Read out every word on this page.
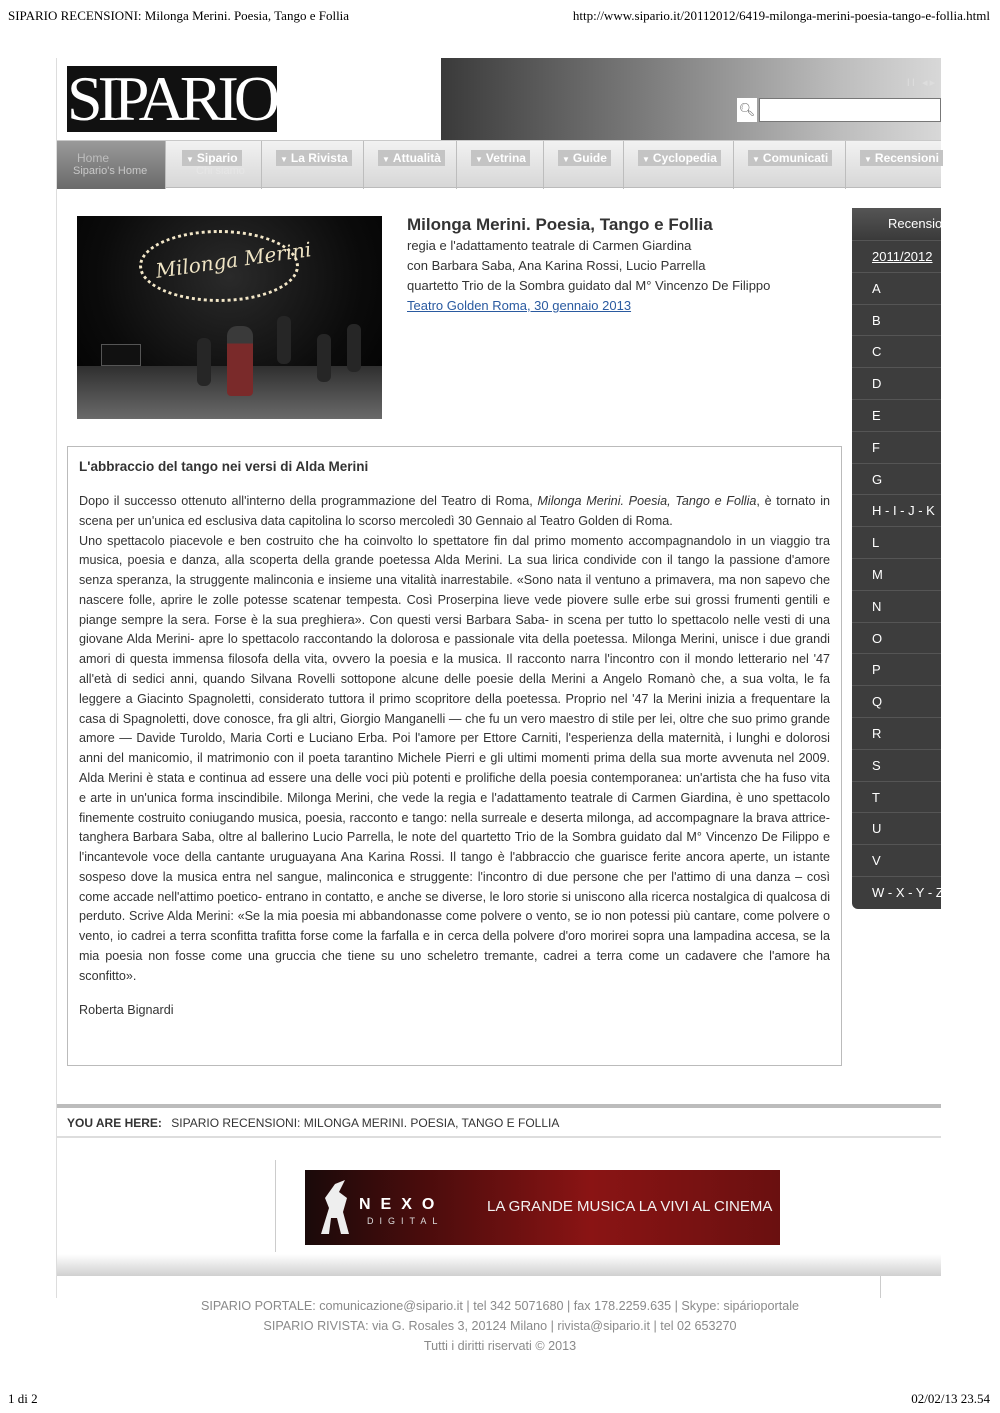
SIPARIO RECENSIONI: Milonga Merini. Poesia, Tango e Follia	http://www.sipario.it/20112012/6419-milonga-merini-poesia-tango-e-follia.html
SIPARIO	II ◂▸
🔍︎
Home
Sipario's Home
▼ Sipario
Chi siamo
▼ La Rivista	▼ Attualità	▼ Vetrina	▼ Guide	▼ Cyclopedia	▼ Comunicati	▼ Recensioni
Milonga Merini
Milonga Merini. Poesia, Tango e Follia
regia e l'adattamento teatrale di Carmen Giardina
con Barbara Saba, Ana Karina Rossi, Lucio Parrella
quartetto Trio de la Sombra guidato dal M° Vincenzo De Filippo
Teatro Golden Roma, 30 gennaio 2013
L'abbraccio del tango nei versi di Alda Merini

Dopo il successo ottenuto all'interno della programmazione del Teatro di Roma, Milonga Merini. Poesia, Tango e Follia, è tornato in scena per un'unica ed esclusiva data capitolina lo scorso mercoledì 30 Gennaio al Teatro Golden di Roma.

Uno spettacolo piacevole e ben costruito che ha coinvolto lo spettatore fin dal primo momento accompagnandolo in un viaggio tra musica, poesia e danza, alla scoperta della grande poetessa Alda Merini. La sua lirica condivide con il tango la passione d'amore senza speranza, la struggente malinconia e insieme una vitalità inarrestabile. «Sono nata il ventuno a primavera, ma non sapevo che nascere folle, aprire le zolle potesse scatenar tempesta. Così Proserpina lieve vede piovere sulle erbe sui grossi frumenti gentili e piange sempre la sera. Forse è la sua preghiera». Con questi versi Barbara Saba- in scena per tutto lo spettacolo nelle vesti di una giovane Alda Merini- apre lo spettacolo raccontando la dolorosa e passionale vita della poetessa. Milonga Merini, unisce i due grandi amori di questa immensa filosofa della vita, ovvero la poesia e la musica. Il racconto narra l'incontro con il mondo letterario nel '47 all'età di sedici anni, quando Silvana Rovelli sottopone alcune delle poesie della Merini a Angelo Romanò che, a sua volta, le fa leggere a Giacinto Spagnoletti, considerato tuttora il primo scopritore della poetessa. Proprio nel '47 la Merini inizia a frequentare la casa di Spagnoletti, dove conosce, fra gli altri, Giorgio Manganelli — che fu un vero maestro di stile per lei, oltre che suo primo grande amore — Davide Turoldo, Maria Corti e Luciano Erba. Poi l'amore per Ettore Carniti, l'esperienza della maternità, i lunghi e dolorosi anni del manicomio, il matrimonio con il poeta tarantino Michele Pierri e gli ultimi momenti prima della sua morte avvenuta nel 2009. Alda Merini è stata e continua ad essere una delle voci più potenti e prolifiche della poesia contemporanea: un'artista che ha fuso vita e arte in un'unica forma inscindibile. Milonga Merini, che vede la regia e l'adattamento teatrale di Carmen Giardina, è uno spettacolo finemente costruito coniugando musica, poesia, racconto e tango: nella surreale e deserta milonga, ad accompagnare la brava attrice-tanghera Barbara Saba, oltre al ballerino Lucio Parrella, le note del quartetto Trio de la Sombra guidato dal M° Vincenzo De Filippo e l'incantevole voce della cantante uruguayana Ana Karina Rossi. Il tango è l'abbraccio che guarisce ferite ancora aperte, un istante sospeso dove la musica entra nel sangue, malinconica e struggente: l'incontro di due persone che per l'attimo di una danza – così come accade nell'attimo poetico- entrano in contatto, e anche se diverse, le loro storie si uniscono alla ricerca nostalgica di qualcosa di perduto. Scrive Alda Merini: «Se la mia poesia mi abbandonasse come polvere o vento, se io non potessi più cantare, come polvere o vento, io cadrei a terra sconfitta trafitta forse come la farfalla e in cerca della polvere d'oro morirei sopra una lampadina accesa, se la mia poesia non fosse come una gruccia che tiene su uno scheletro tremante, cadrei a terra come un cadavere che l'amore ha sconfitto».

Roberta Bignardi
Recensioni
2011/2012
A
B
C
D
E
F
G
H - I - J - K
L
M
N
O
P
Q
R
S
T
U
V
W - X - Y - Z
YOU ARE HERE: SIPARIO RECENSIONI: MILONGA MERINI. POESIA, TANGO E FOLLIA
NEXO
DIGITAL
LA GRANDE MUSICA LA VIVI AL CINEMA
SIPARIO PORTALE: comunicazione@sipario.it | tel 342 5071680 | fax 178.2259.635 | Skype: sipárioportale
SIPARIO RIVISTA: via G. Rosales 3, 20124 Milano | rivista@sipario.it | tel 02 653270
Tutti i diritti riservati © 2013
1 di 2	02/02/13 23.54
